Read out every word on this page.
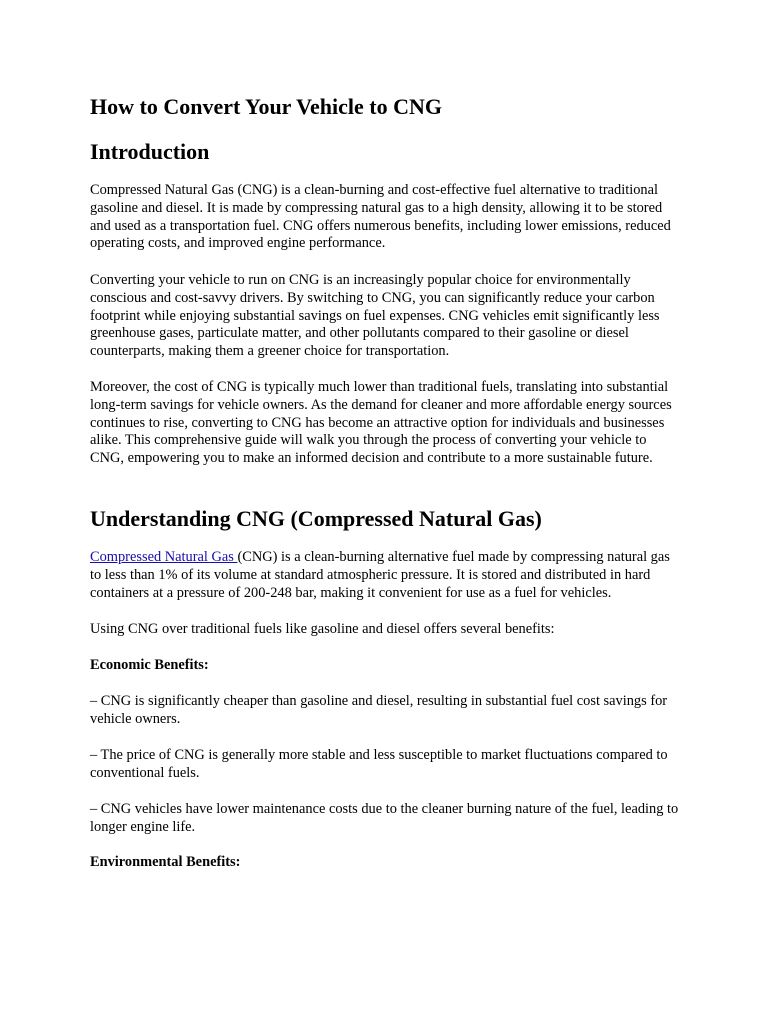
How to Convert Your Vehicle to CNG
Introduction

Compressed Natural Gas (CNG) is a clean-burning and cost-effective fuel alternative to traditional gasoline and diesel. It is made by compressing natural gas to a high density, allowing it to be stored and used as a transportation fuel. CNG offers numerous benefits, including lower emissions, reduced operating costs, and improved engine performance.

Converting your vehicle to run on CNG is an increasingly popular choice for environmentally conscious and cost-savvy drivers. By switching to CNG, you can significantly reduce your carbon footprint while enjoying substantial savings on fuel expenses. CNG vehicles emit significantly less greenhouse gases, particulate matter, and other pollutants compared to their gasoline or diesel counterparts, making them a greener choice for transportation.

Moreover, the cost of CNG is typically much lower than traditional fuels, translating into substantial long-term savings for vehicle owners. As the demand for cleaner and more affordable energy sources continues to rise, converting to CNG has become an attractive option for individuals and businesses alike. This comprehensive guide will walk you through the process of converting your vehicle to CNG, empowering you to make an informed decision and contribute to a more sustainable future.

Understanding CNG (Compressed Natural Gas)

Compressed Natural Gas (CNG) is a clean-burning alternative fuel made by compressing natural gas to less than 1% of its volume at standard atmospheric pressure. It is stored and distributed in hard containers at a pressure of 200-248 bar, making it convenient for use as a fuel for vehicles.

Using CNG over traditional fuels like gasoline and diesel offers several benefits:

Economic Benefits:

– CNG is significantly cheaper than gasoline and diesel, resulting in substantial fuel cost savings for vehicle owners.

– The price of CNG is generally more stable and less susceptible to market fluctuations compared to conventional fuels.

– CNG vehicles have lower maintenance costs due to the cleaner burning nature of the fuel, leading to longer engine life.

Environmental Benefits:
